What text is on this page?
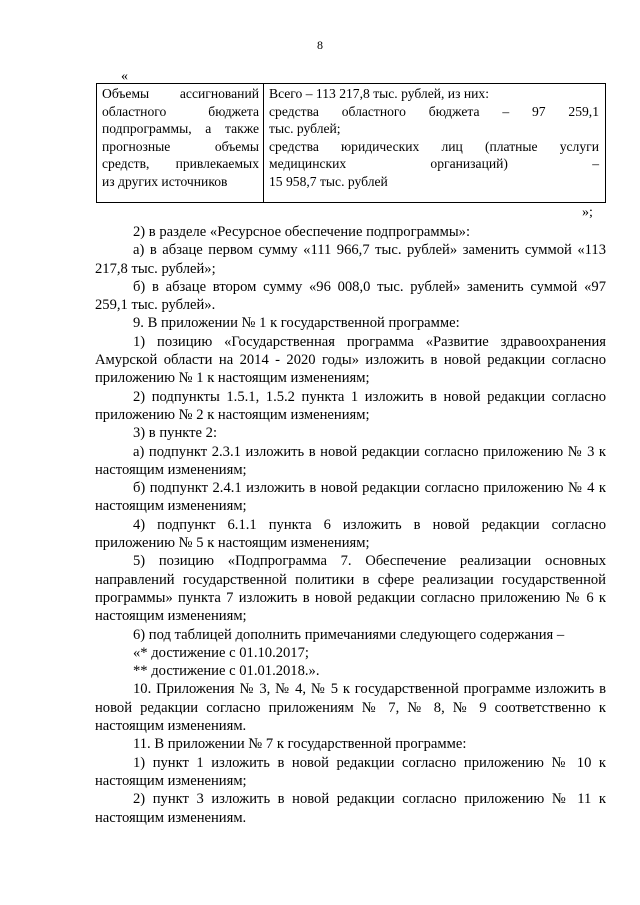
8
«
Объемы ассигнований
областного бюджета
подпрограммы, а также
прогнозные объемы
средств, привлекаемых
из других источников
Всего – 113 217,8 тыс. рублей, из них:
средства областного бюджета – 97 259,1
тыс. рублей;
средства юридических лиц (платные услуги
медицинских организаций) –
15 958,7 тыс. рублей
»;

2) в разделе «Ресурсное обеспечение подпрограммы»:

а) в абзаце первом сумму «111 966,7 тыс. рублей» заменить суммой «113 217,8 тыс. рублей»;

б) в абзаце втором сумму «96 008,0 тыс. рублей» заменить суммой «97 259,1 тыс. рублей».

9. В приложении № 1 к государственной программе:

1) позицию «Государственная программа «Развитие здравоохранения Амурской области на 2014 - 2020 годы» изложить в новой редакции согласно приложению № 1 к настоящим изменениям;

2) подпункты 1.5.1, 1.5.2 пункта 1 изложить в новой редакции согласно приложению № 2 к настоящим изменениям;

3) в пункте 2:

а) подпункт 2.3.1 изложить в новой редакции согласно приложению № 3 к настоящим изменениям;

б) подпункт 2.4.1 изложить в новой редакции согласно приложению № 4 к настоящим изменениям;

4) подпункт 6.1.1 пункта 6 изложить в новой редакции согласно приложению № 5 к настоящим изменениям;

5) позицию «Подпрограмма 7. Обеспечение реализации основных направлений государственной политики в сфере реализации государственной программы» пункта 7 изложить в новой редакции согласно приложению № 6 к настоящим изменениям;

6) под таблицей дополнить примечаниями следующего содержания –

«* достижение с 01.10.2017;

** достижение с 01.01.2018.».

10. Приложения № 3, № 4, № 5 к государственной программе изложить в новой редакции согласно приложениям № 7, № 8, № 9 соответственно к настоящим изменениям.

11. В приложении № 7 к государственной программе:

1) пункт 1 изложить в новой редакции согласно приложению № 10 к настоящим изменениям;

2) пункт 3 изложить в новой редакции согласно приложению № 11 к настоящим изменениям.
